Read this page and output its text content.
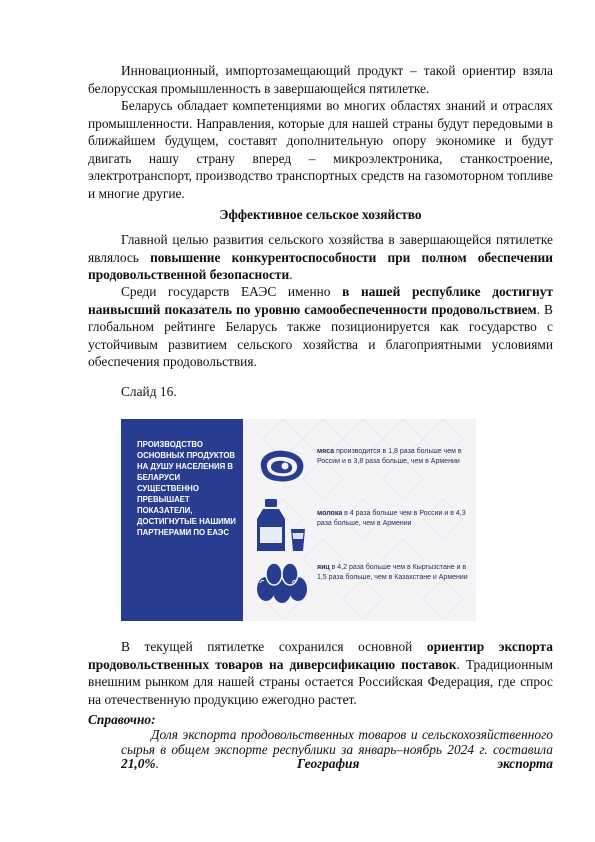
Инновационный, импортозамещающий продукт – такой ориентир взяла белорусская промышленность в завершающейся пятилетке.
Беларусь обладает компетенциями во многих областях знаний и отраслях промышленности. Направления, которые для нашей страны будут передовыми в ближайшем будущем, составят дополнительную опору экономике и будут двигать нашу страну вперед – микроэлектроника, станкостроение, электротранспорт, производство транспортных средств на газомоторном топливе и многие другие.
Эффективное сельское хозяйство
Главной целью развития сельского хозяйства в завершающейся пятилетке являлось повышение конкурентоспособности при полном обеспечении продовольственной безопасности.
Среди государств ЕАЭС именно в нашей республике достигнут наивысший показатель по уровню самообеспеченности продовольствием. В глобальном рейтинге Беларусь также позиционируется как государство с устойчивым развитием сельского хозяйства и благоприятными условиями обеспечения продовольствия.
Слайд 16.
ПРОИЗВОДСТВО ОСНОВНЫХ ПРОДУКТОВ НА ДУШУ НАСЕЛЕНИЯ В БЕЛАРУСИ СУЩЕСТВЕННО ПРЕВЫШАЕТ ПОКАЗАТЕЛИ, ДОСТИГНУТЫЕ НАШИМИ ПАРТНЕРАМИ ПО ЕАЭС
мяса производится в 1,8 раза больше чем в России и в 3,8 раза больше, чем в Армении
молока в 4 раза больше чем в России и в 4,3 раза больше, чем в Армении
яиц в 4,2 раза больше чем в Кыргызстане и в 1,5 раза больше, чем в Казахстане и Армении
В текущей пятилетке сохранился основной ориентир экспорта продовольственных товаров на диверсификацию поставок. Традиционным внешним рынком для нашей страны остается Российская Федерация, где спрос на отечественную продукцию ежегодно растет.
Справочно:
Доля экспорта продовольственных товаров и сельскохозяйственного сырья в общем экспорте республики за январь–ноябрь 2024 г. составила 21,0%. География экспорта
